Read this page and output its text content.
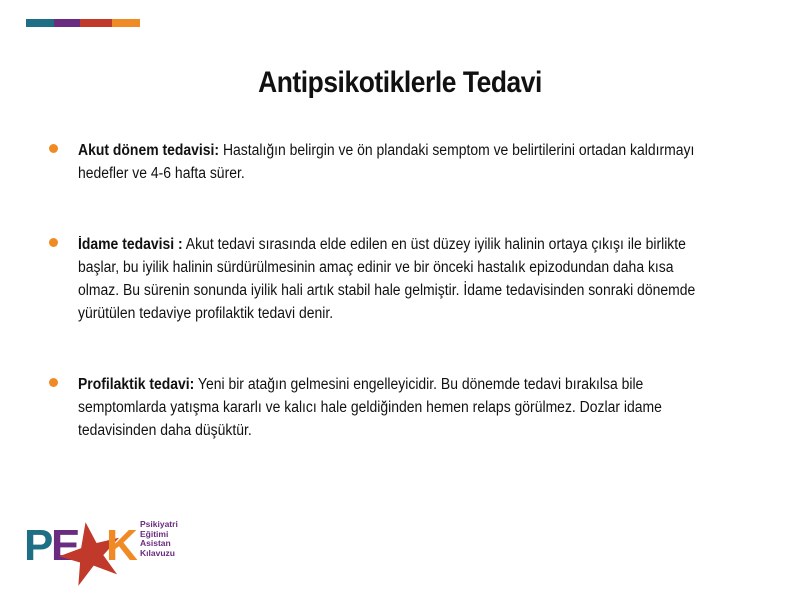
Antipsikotiklerle Tedavi
Akut dönem tedavisi: Hastalığın belirgin ve ön plandaki semptom ve belirtilerini ortadan kaldırmayı hedefler ve 4-6 hafta sürer.
İdame tedavisi : Akut tedavi sırasında elde edilen en üst düzey iyilik halinin ortaya çıkışı ile birlikte başlar, bu iyilik halinin sürdürülmesinin amaç edinir ve bir önceki hastalık epizodundan daha kısa olmaz. Bu sürenin sonunda iyilik hali artık stabil hale gelmiştir. İdame tedavisinden sonraki dönemde yürütülen tedaviye profilaktik tedavi denir.
Profilaktik tedavi: Yeni bir atağın gelmesini engelleyicidir. Bu dönemde tedavi bırakılsa bile semptomlarda yatışma kararlı ve kalıcı hale geldiğinden hemen relaps görülmez. Dozlar idame tedavisinden daha düşüktür.
P
E K Psikiyatri
Eğitimi
Asistan
Kılavuzu
